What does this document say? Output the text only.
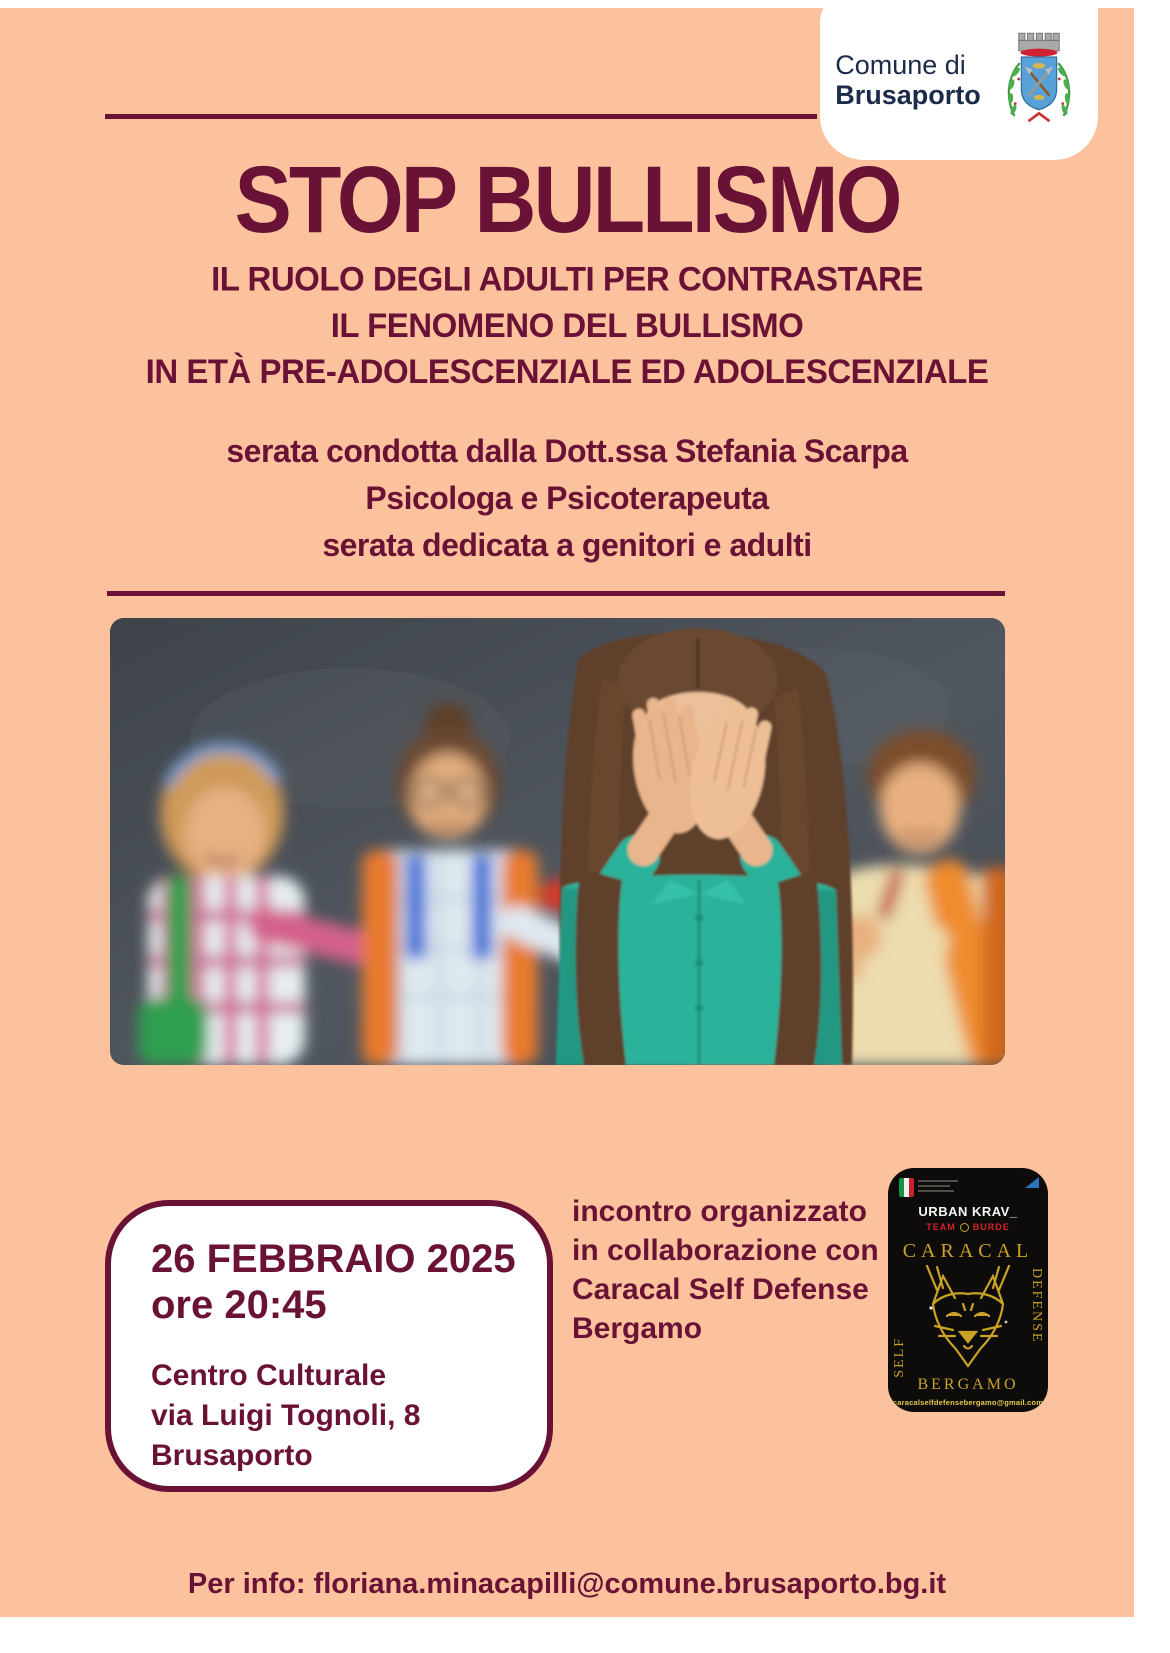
Comune di
Brusaporto
STOP BULLISMO
IL RUOLO DEGLI ADULTI PER CONTRASTARE
IL FENOMENO DEL BULLISMO
IN ETÀ PRE-ADOLESCENZIALE ED ADOLESCENZIALE
serata condotta dalla Dott.ssa Stefania Scarpa
Psicologa e Psicoterapeuta
serata dedicata a genitori e adulti
26 FEBBRAIO 2025
ore 20:45
Centro Culturale
via Luigi Tognoli, 8
Brusaporto
incontro organizzato in collaborazione con Caracal Self Defense Bergamo
URBAN KRAV_
TEAM BURDE
CARACAL
SELF
DEFENSE
BERGAMO
caracalselfdefensebergamo@gmail.com
Per info: floriana.minacapilli@comune.brusaporto.bg.it
